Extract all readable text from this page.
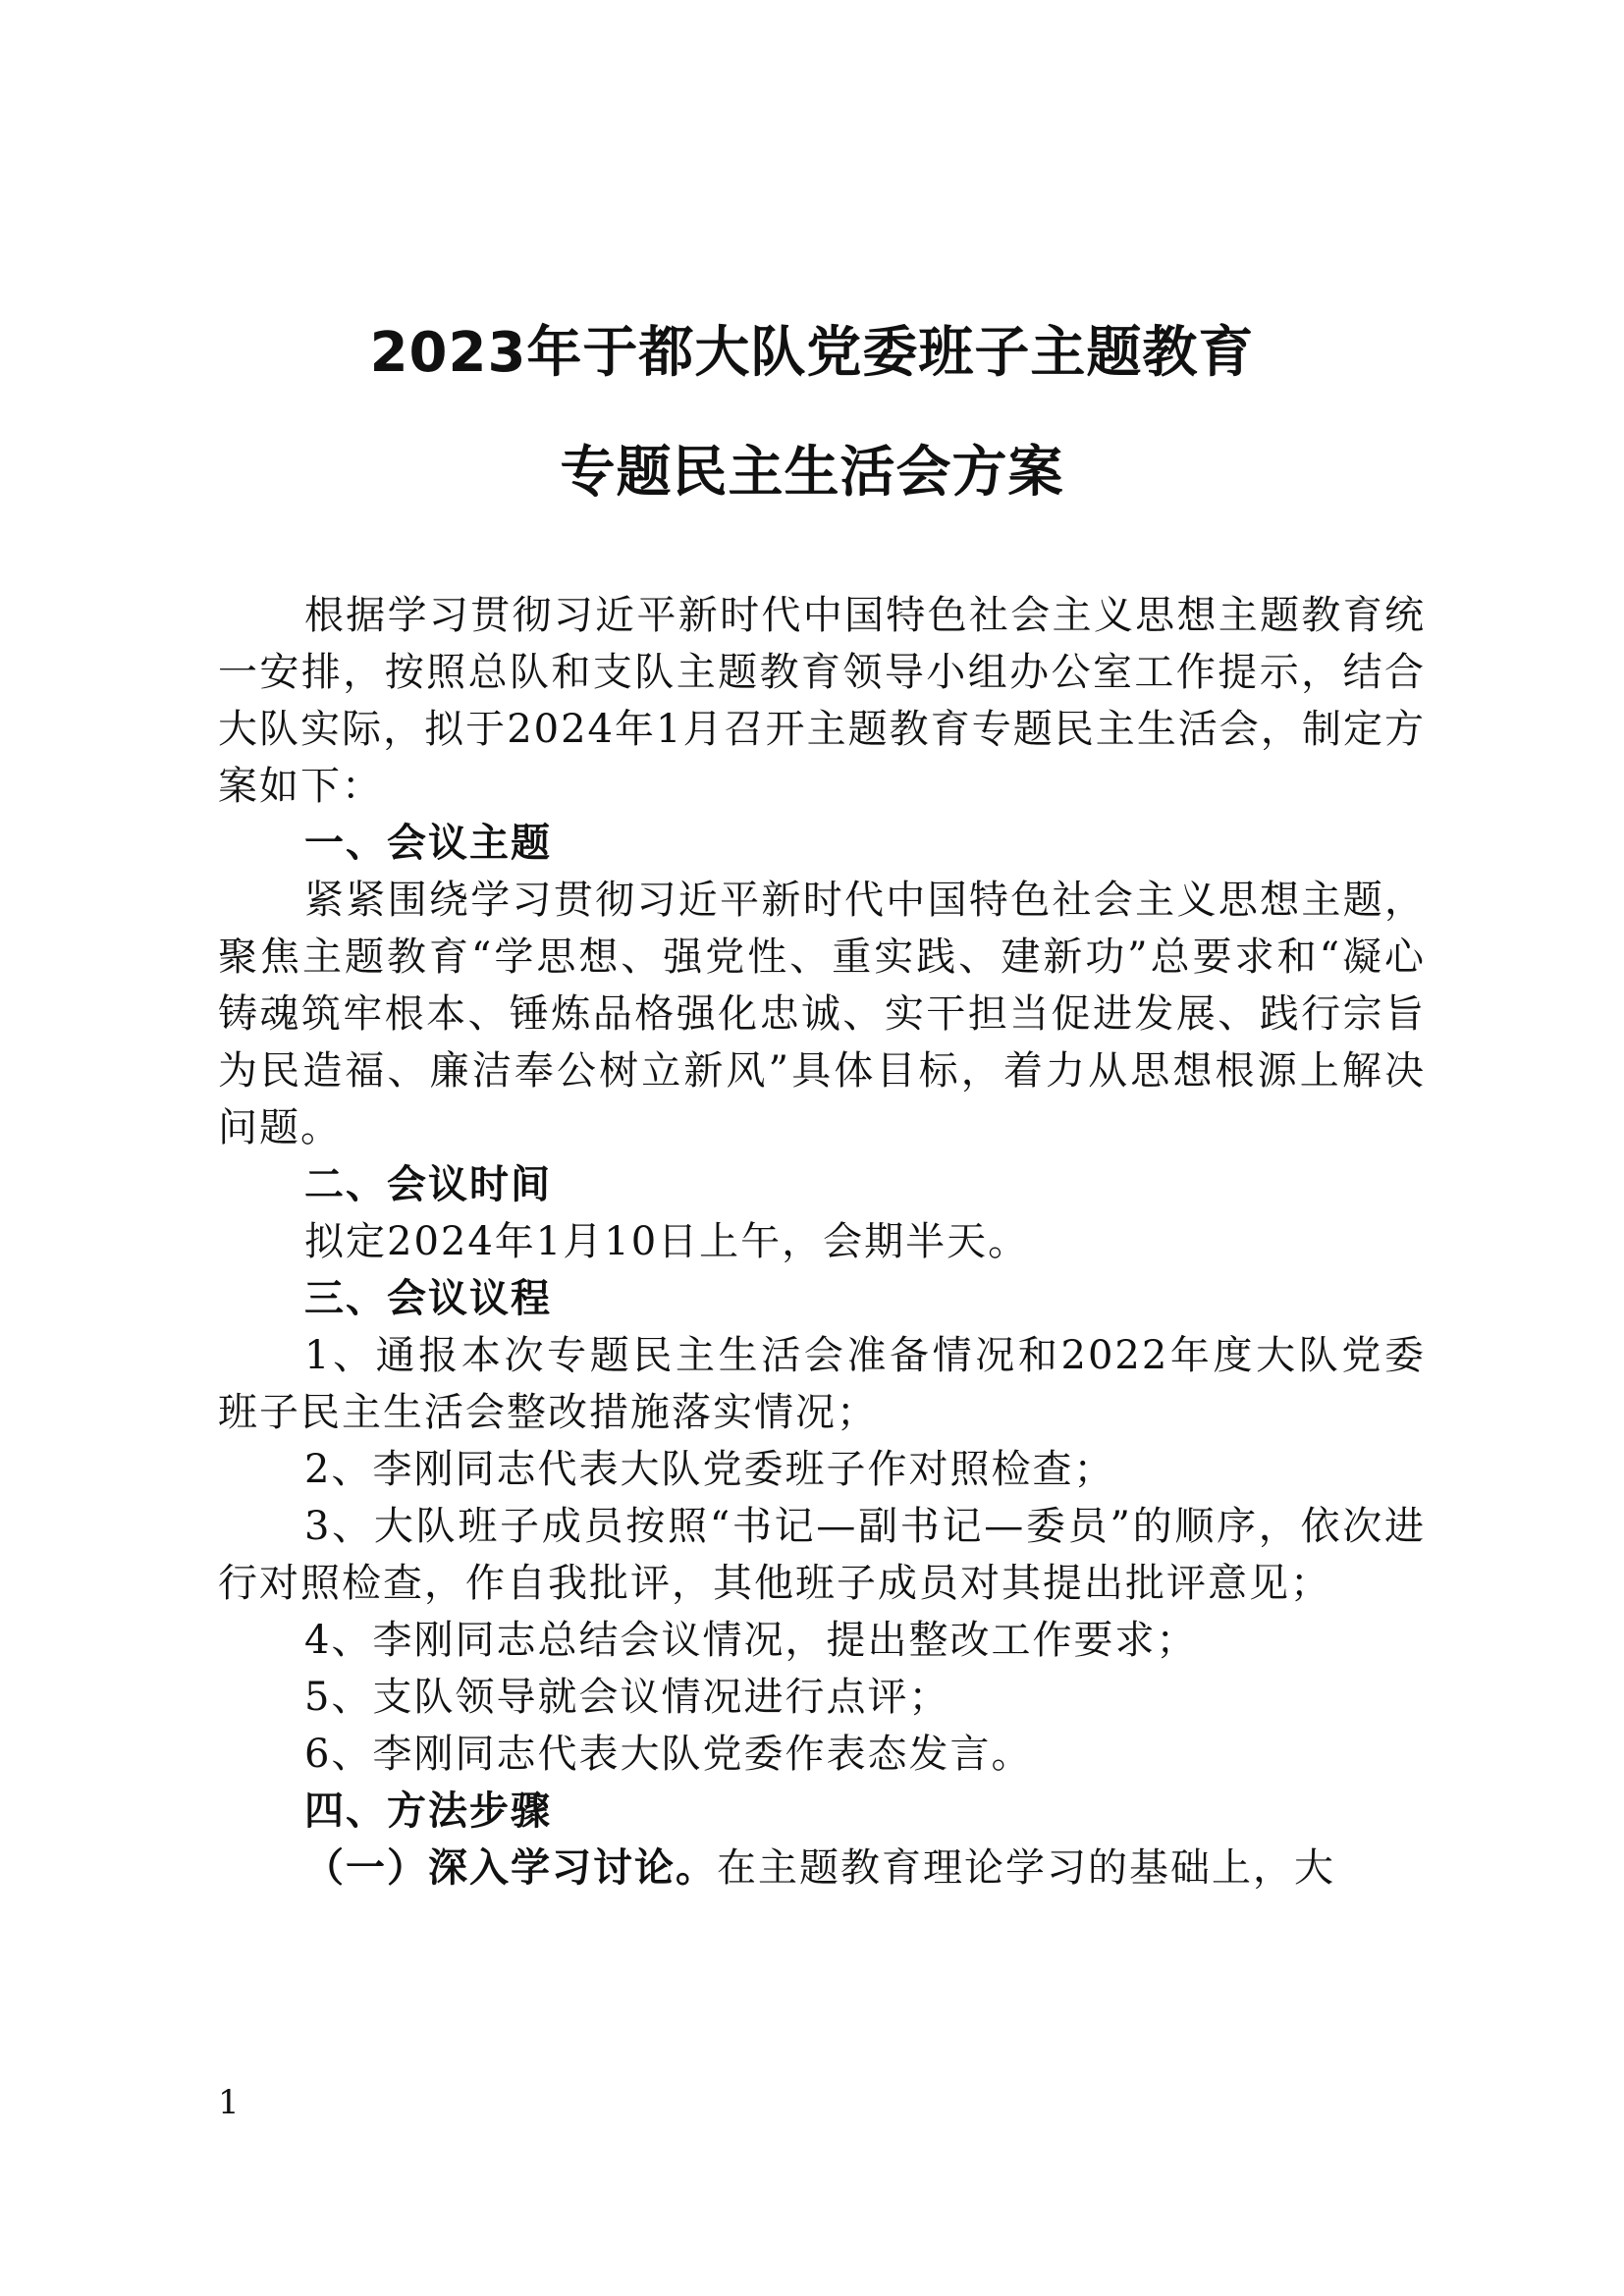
2023年于都大队党委班子主题教育
专题民主生活会方案

根据学习贯彻习近平新时代中国特色社会主义思想主题教育统一安排，按照总队和支队主题教育领导小组办公室工作提示，结合大队实际，拟于2024年1月召开主题教育专题民主生活会，制定方案如下：

一、会议主题

紧紧围绕学习贯彻习近平新时代中国特色社会主义思想主题，聚焦主题教育“学思想、强党性、重实践、建新功”总要求和“凝心铸魂筑牢根本、锤炼品格强化忠诚、实干担当促进发展、践行宗旨为民造福、廉洁奉公树立新风”具体目标，着力从思想根源上解决问题。

二、会议时间

拟定2024年1月10日上午，会期半天。

三、会议议程

1、通报本次专题民主生活会准备情况和2022年度大队党委班子民主生活会整改措施落实情况；

2、李刚同志代表大队党委班子作对照检查；

3、大队班子成员按照“书记—副书记—委员”的顺序，依次进行对照检查，作自我批评，其他班子成员对其提出批评意见；

4、李刚同志总结会议情况，提出整改工作要求；

5、支队领导就会议情况进行点评；

6、李刚同志代表大队党委作表态发言。

四、方法步骤

（一）深入学习讨论。在主题教育理论学习的基础上，大

1
